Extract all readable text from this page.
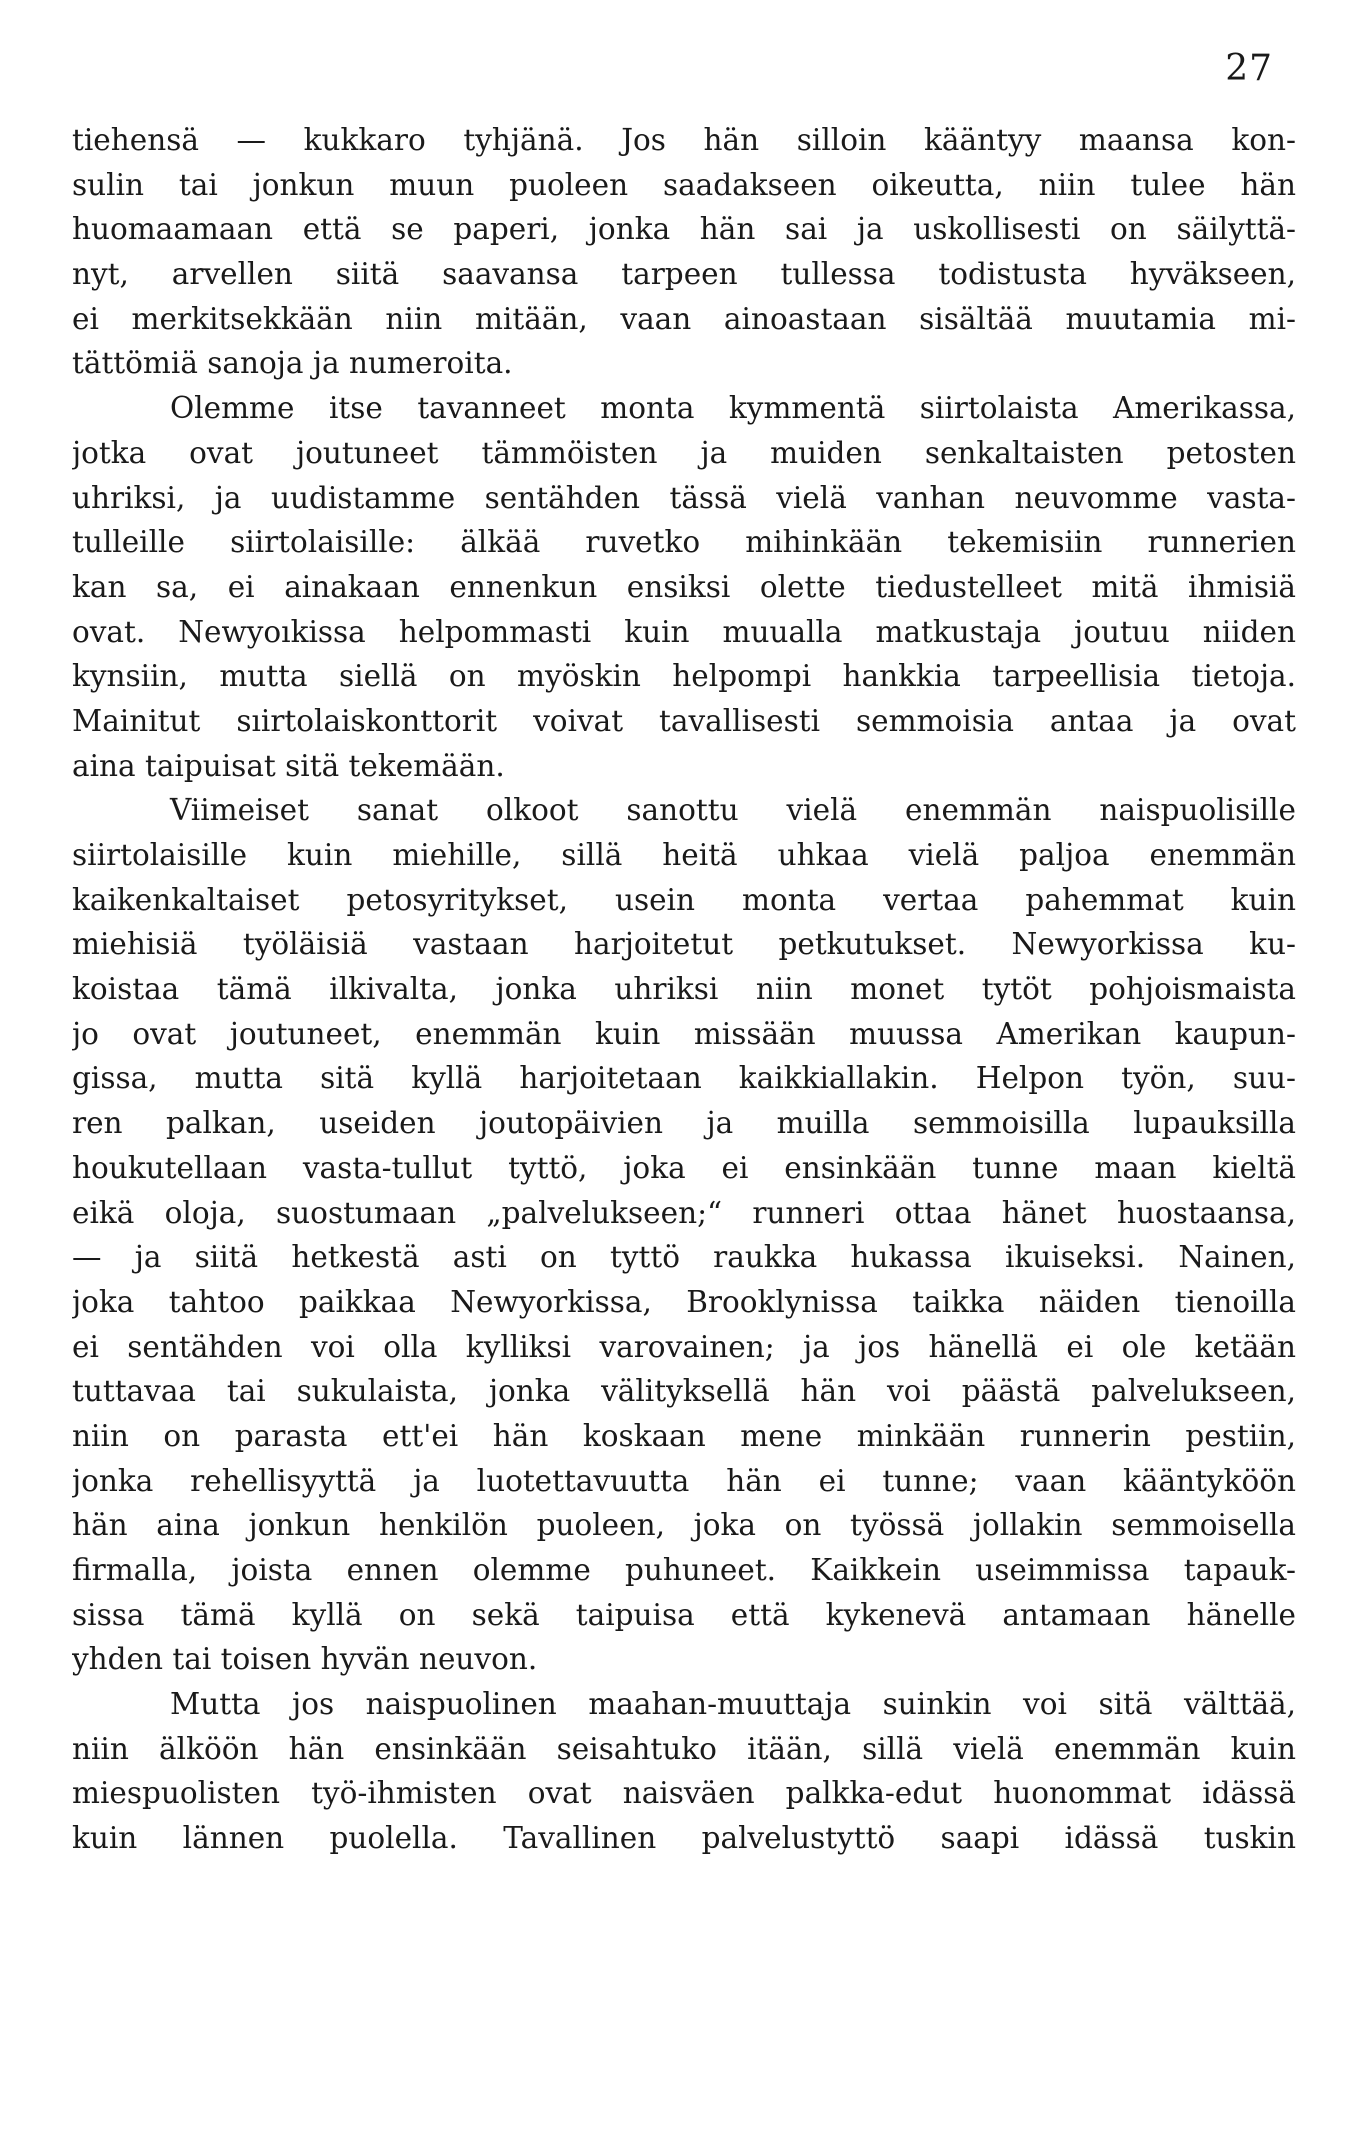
27
tiehensä — kukkaro tyhjänä. Jos hän silloin kääntyy maansa kon-
sulin tai jonkun muun puoleen saadakseen oikeutta, niin tulee hän
huomaamaan että se paperi, jonka hän sai ja uskollisesti on säilyttä-
nyt, arvellen siitä saavansa tarpeen tullessa todistusta hyväkseen,
ei merkitsekkään niin mitään, vaan ainoastaan sisältää muutamia mi-
tättömiä sanoja ja numeroita.
Olemme itse tavanneet monta kymmentä siirtolaista Amerikassa,
jotka ovat joutuneet tämmöisten ja muiden senkaltaisten petosten
uhriksi, ja uudistamme sentähden tässä vielä vanhan neuvomme vasta-
tulleille siirtolaisille: älkää ruvetko mihinkään tekemisiin runnerien
kan sa, ei ainakaan ennenkun ensiksi olette tiedustelleet mitä ihmisiä
ovat. Newyoıkissa helpommasti kuin muualla matkustaja joutuu niiden
kynsiin, mutta siellä on myöskin helpompi hankkia tarpeellisia tietoja.
Mainitut sıirtolaiskonttorit voivat tavallisesti semmoisia antaa ja ovat
aina taipuisat sitä tekemään.
Viimeiset sanat olkoot sanottu vielä enemmän naispuolisille
siirtolaisille kuin miehille, sillä heitä uhkaa vielä paljoa enemmän
kaikenkaltaiset petosyritykset, usein monta vertaa pahemmat kuin
miehisiä työläisiä vastaan harjoitetut petkutukset. Newyorkissa ku-
koistaa tämä ilkivalta, jonka uhriksi niin monet tytöt pohjoismaista
jo ovat joutuneet, enemmän kuin missään muussa Amerikan kaupun-
gissa, mutta sitä kyllä harjoitetaan kaikkiallakin. Helpon työn, suu-
ren palkan, useiden joutopäivien ja muilla semmoisilla lupauksilla
houkutellaan vasta-tullut tyttö, joka ei ensinkään tunne maan kieltä
eikä oloja, suostumaan „palvelukseen;“ runneri ottaa hänet huostaansa,
— ja siitä hetkestä asti on tyttö raukka hukassa ikuiseksi. Nainen,
joka tahtoo paikkaa Newyorkissa, Brooklynissa taikka näiden tienoilla
ei sentähden voi olla kylliksi varovainen; ja jos hänellä ei ole ketään
tuttavaa tai sukulaista, jonka välityksellä hän voi päästä palvelukseen,
niin on parasta ett'ei hän koskaan mene minkään runnerin pestiin,
jonka rehellisyyttä ja luotettavuutta hän ei tunne; vaan kääntyköön
hän aina jonkun henkilön puoleen, joka on työssä jollakin semmoisella
firmalla, joista ennen olemme puhuneet. Kaikkein useimmissa tapauk-
sissa tämä kyllä on sekä taipuisa että kykenevä antamaan hänelle
yhden tai toisen hyvän neuvon.
Mutta jos naispuolinen maahan-muuttaja suinkin voi sitä välttää,
niin älköön hän ensinkään seisahtuko itään, sillä vielä enemmän kuin
miespuolisten työ-ihmisten ovat naisväen palkka-edut huonommat idässä
kuin lännen puolella. Tavallinen palvelustyttö saapi idässä tuskin
